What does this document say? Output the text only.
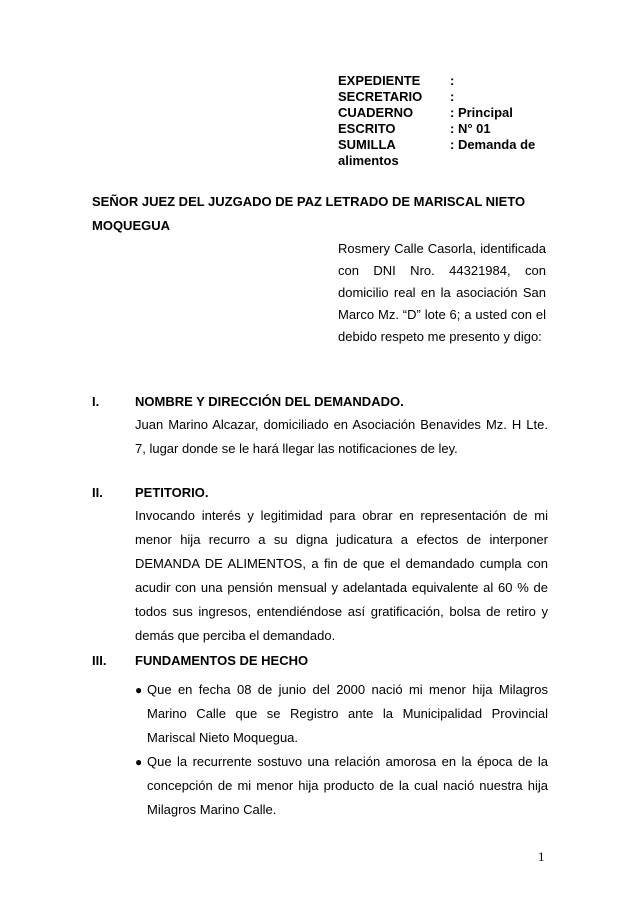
EXPEDIENTE	:
SECRETARIO	:
CUADERNO	: Principal
ESCRITO	: N° 01
SUMILLA	: Demanda de
alimentos
SEÑOR JUEZ DEL JUZGADO DE PAZ LETRADO DE MARISCAL NIETO MOQUEGUA
Rosmery Calle Casorla, identificada con DNI Nro. 44321984, con domicilio real en la asociación San Marco Mz. “D” lote 6; a usted con el debido respeto me presento y digo:
I.	NOMBRE Y DIRECCIÓN DEL DEMANDADO.
Juan Marino Alcazar, domiciliado en Asociación Benavides Mz. H Lte. 7, lugar donde se le hará llegar las notificaciones de ley.
II.	PETITORIO.
Invocando interés y legitimidad para obrar en representación de mi menor hija recurro a su digna judicatura a efectos de interponer DEMANDA DE ALIMENTOS, a fin de que el demandado cumpla con acudir con una pensión mensual y adelantada equivalente al 60 % de todos sus ingresos, entendiéndose así gratificación, bolsa de retiro y demás que perciba el demandado.
III.	FUNDAMENTOS DE HECHO
● Que en fecha 08 de junio del 2000 nació mi menor hija Milagros Marino Calle que se Registro ante la Municipalidad Provincial Mariscal Nieto Moquegua.
● Que la recurrente sostuvo una relación amorosa en la época de la concepción de mi menor hija producto de la cual nació nuestra hija Milagros Marino Calle.
1
